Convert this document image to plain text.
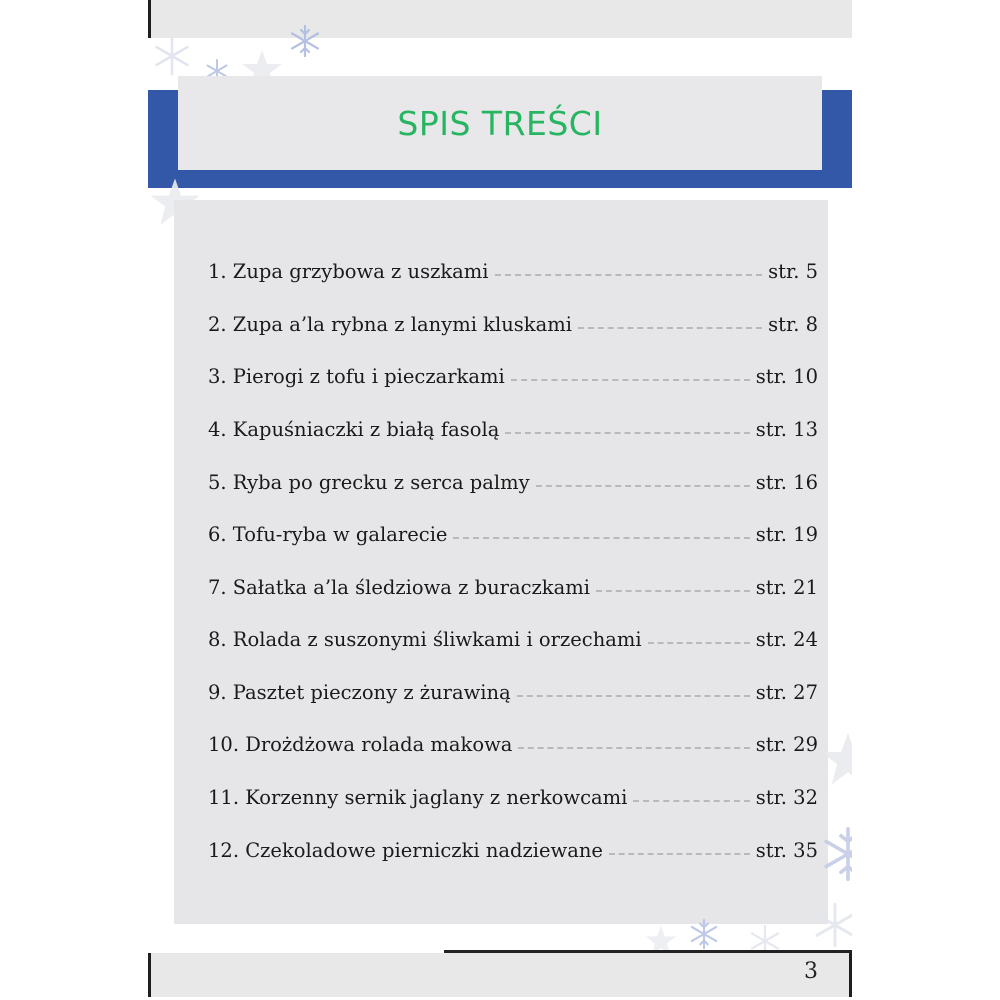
SPIS TREŚCI
1. Zupa grzybowa z uszkami	str. 5
2. Zupa a’la rybna z lanymi kluskami	str. 8
3. Pierogi z tofu i pieczarkami	str. 10
4. Kapuśniaczki z białą fasolą	str. 13
5. Ryba po grecku z serca palmy	str. 16
6. Tofu-ryba w galarecie	str. 19
7. Sałatka a’la śledziowa z buraczkami	str. 21
8. Rolada z suszonymi śliwkami i orzechami	str. 24
9. Pasztet pieczony z żurawiną	str. 27
10. Drożdżowa rolada makowa	str. 29
11. Korzenny sernik jaglany z nerkowcami	str. 32
12. Czekoladowe pierniczki nadziewane	str. 35
3
